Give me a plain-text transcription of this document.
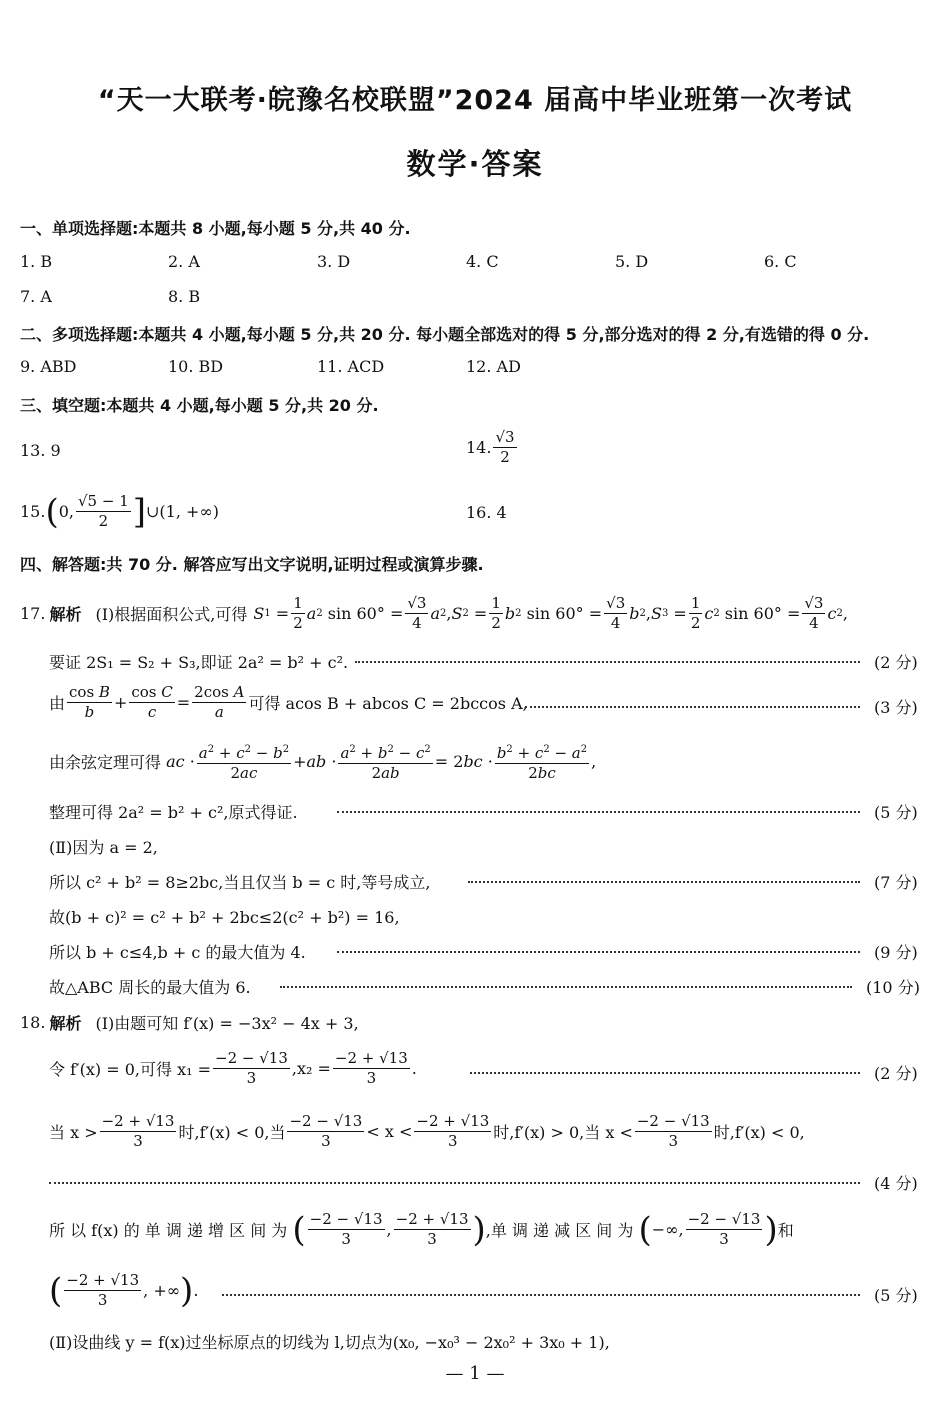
“天一大联考·皖豫名校联盟”2024 届高中毕业班第一次考试
数学·答案
一、单项选择题:本题共 8 小题,每小题 5 分,共 40 分.
1. B	2. A	3. D	4. C	5. D	6. C
7. A	8. B
二、多项选择题:本题共 4 小题,每小题 5 分,共 20 分. 每小题全部选对的得 5 分,部分选对的得 2 分,有选错的得 0 分.
9. ABD	10. BD	11. ACD	12. AD
三、填空题:本题共 4 小题,每小题 5 分,共 20 分.
13. 9	14. $\frac{√3}{2}$
15. ( 0, $\frac{√5 - 1}{2}$ ] ∪(1, +∞)	16. 4
四、解答题:共 70 分. 解答应写出文字说明,证明过程或演算步骤.
17. 解析 (Ⅰ)根据面积公式,可得 S $1 = \frac{1}{2}$ a 2 $\sin 60^\circ = \frac{√3}{4}$ a 2 , S $2 = \frac{1}{2}$ b 2 $\sin 60^\circ = \frac{√3}{4}$ b 2 , S $3 = \frac{1}{2}$ c 2 $\sin 60^\circ = \frac{√3}{4}$ c 2 ,
要证 2S₁ = S₂ + S₃,即证 2a² = b² + c².	(2 分)
由 $\frac{\text{cos B}}{b} + \frac{\text{cos C}}{c} = \frac{\text{2cos A}}{a}$ 可得 acos B + abcos C = 2bccos A,	(3 分)
由余弦定理可得
ac · $\frac{a^2 + c^2 - b^2}{2ac}$ + ab · $\frac{a^2 + b^2 - c^2}{2ab} = 2$ bc · $\frac{b^2 + c^2 - a^2}{2bc}$ ,
整理可得 2a² = b² + c²,原式得证.	(5 分)
(Ⅱ)因为 a = 2,
所以 c² + b² = 8≥2bc,当且仅当 b = c 时,等号成立,	(7 分)
故(b + c)² = c² + b² + 2bc≤2(c² + b²) = 16,
所以 b + c≤4,b + c 的最大值为 4.	(9 分)
故△ABC 周长的最大值为 6.	(10 分)
18. 解析 (Ⅰ)由题可知 f′(x) = −3x² − 4x + 3,
令 f′(x) = 0,可得 $x_1 = \frac{-2 - √13}{3} ,x_2 = \frac{-2 + √13}{3}$ .	(2 分)
当 $x > \frac{-2 + √13}{3}$ 时,f′(x) < 0,当 $\frac{-2 - √13}{3} < x < \frac{-2 + √13}{3}$ 时,f′(x) > 0,当 $x < \frac{-2 - √13}{3}$ 时,f′(x) < 0,
(4 分)
所 以 f(x) 的 单 调 递 增 区 间 为
( $\frac{-2 - √13}{3}$ , $\frac{-2 + √13}{3}$ ) ,单 调 递 减 区 间 为
( −∞, $\frac{-2 - √13}{3}$ ) 和
( $\frac{-2 + √13}{3}$ , +∞ ) .	(5 分)
(Ⅱ)设曲线 y = f(x)过坐标原点的切线为 l,切点为(x₀, −x₀³ − 2x₀² + 3x₀ + 1),
— 1 —
